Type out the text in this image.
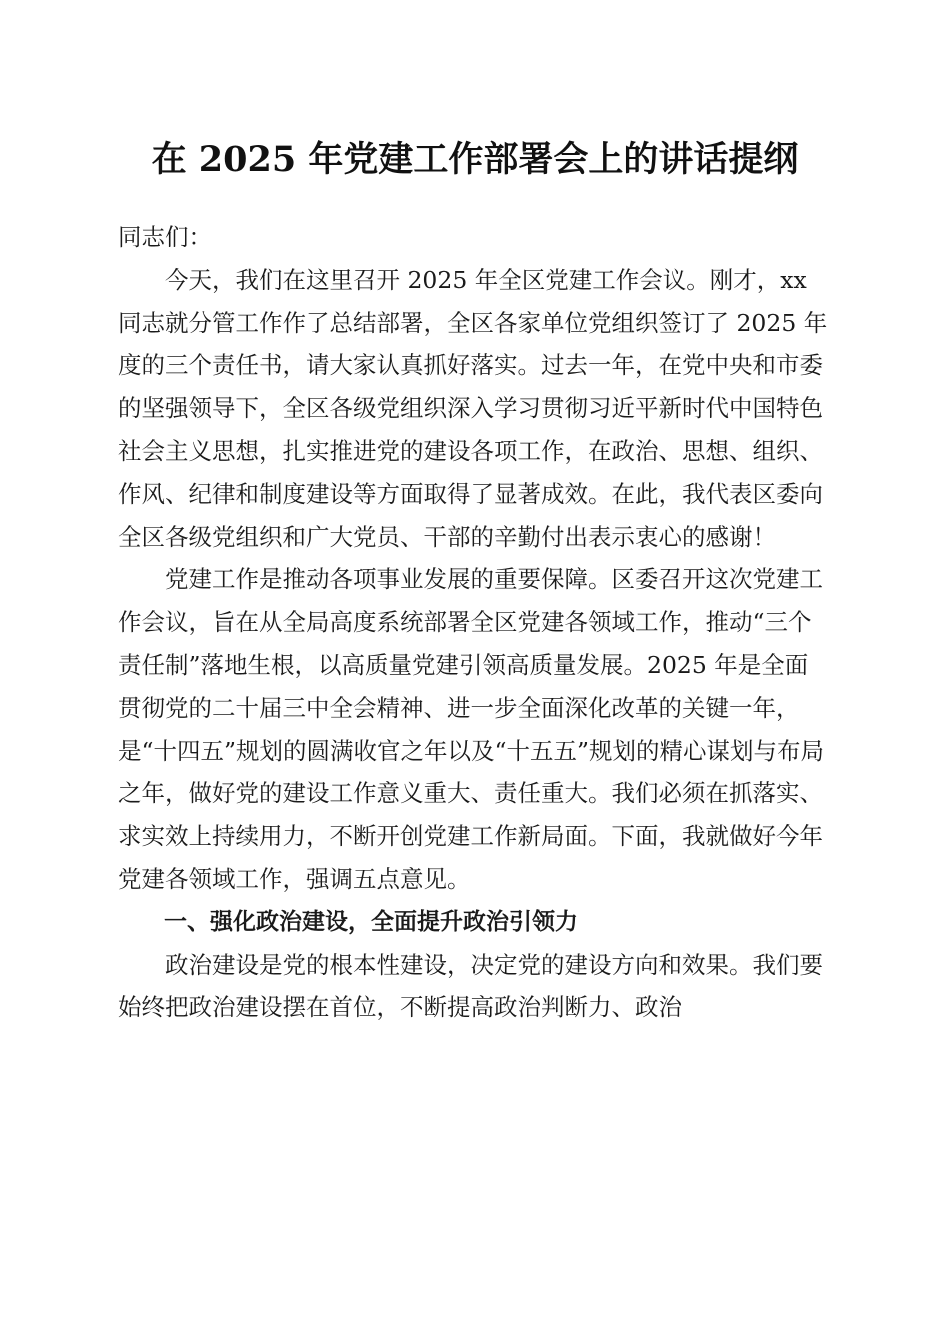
在 2025 年党建工作部署会上的讲话提纲

同志们：

今天，我们在这里召开 2025 年全区党建工作会议。刚才，xx 同志就分管工作作了总结部署，全区各家单位党组织签订了 2025 年度的三个责任书，请大家认真抓好落实。过去一年，在党中央和市委的坚强领导下，全区各级党组织深入学习贯彻习近平新时代中国特色社会主义思想，扎实推进党的建设各项工作，在政治、思想、组织、作风、纪律和制度建设等方面取得了显著成效。在此，我代表区委向全区各级党组织和广大党员、干部的辛勤付出表示衷心的感谢！

党建工作是推动各项事业发展的重要保障。区委召开这次党建工作会议，旨在从全局高度系统部署全区党建各领域工作，推动“三个责任制”落地生根，以高质量党建引领高质量发展。2025 年是全面贯彻党的二十届三中全会精神、进一步全面深化改革的关键一年，是“十四五”规划的圆满收官之年以及“十五五”规划的精心谋划与布局之年，做好党的建设工作意义重大、责任重大。我们必须在抓落实、求实效上持续用力，不断开创党建工作新局面。下面，我就做好今年党建各领域工作，强调五点意见。

一、强化政治建设，全面提升政治引领力

政治建设是党的根本性建设，决定党的建设方向和效果。我们要始终把政治建设摆在首位，不断提高政治判断力、政治
